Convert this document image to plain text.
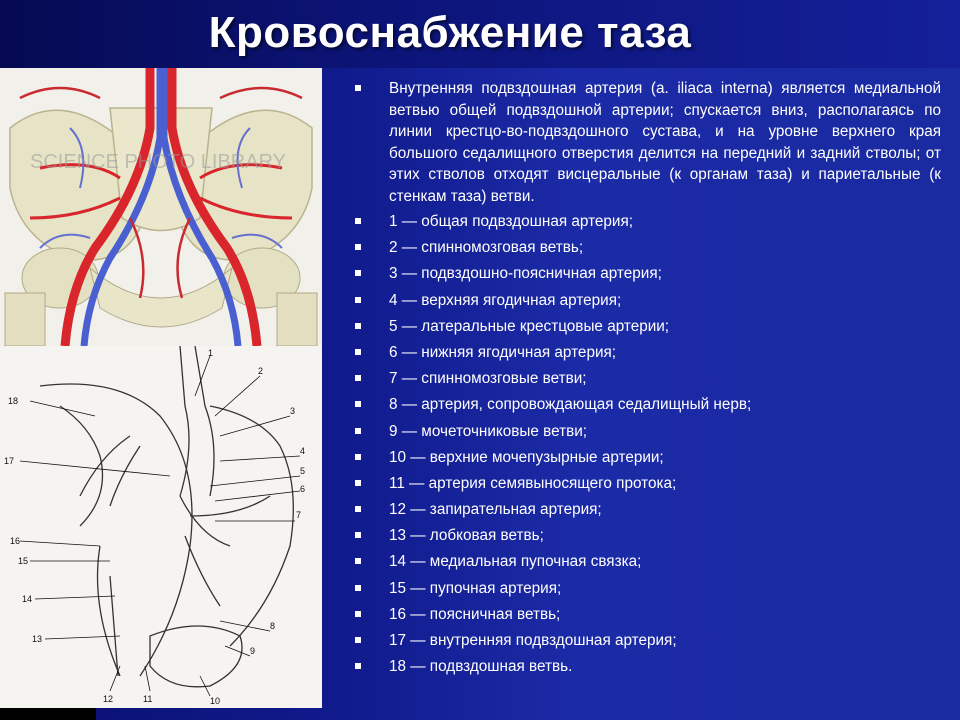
Кровоснабжение таза
SCIENCE PHOTO LIBRARY
18
17
16
15
14
13
12	11
1
2
3
4
5
6
7
8
9
10
Внутренняя подвздошная артерия (a. iliaca interna) является медиальной ветвью общей подвздошной артерии; спускается вниз, располагаясь по линии крестцо-во-подвздошного сустава, и на уровне верхнего края большого седалищного отверстия делится на передний и задний стволы; от этих стволов отходят висцеральные (к органам таза) и париетальные (к стенкам таза) ветви.
1 — общая подвздошная артерия;
2 — спинномозговая ветвь;
3 — подвздошно-поясничная артерия;
4 — верхняя ягодичная артерия;
5 — латеральные крестцовые артерии;
6 — нижняя ягодичная артерия;
7 — спинномозговые ветви;
8 — артерия, сопровождающая седалищный нерв;
9 — мочеточниковые ветви;
10 — верхние мочепузырные артерии;
11 — артерия семявыносящего протока;
12 — запирательная артерия;
13 — лобковая ветвь;
14 — медиальная пупочная связка;
15 — пупочная артерия;
16 — поясничная ветвь;
17 — внутренняя подвздошная артерия;
18 — подвздошная ветвь.
